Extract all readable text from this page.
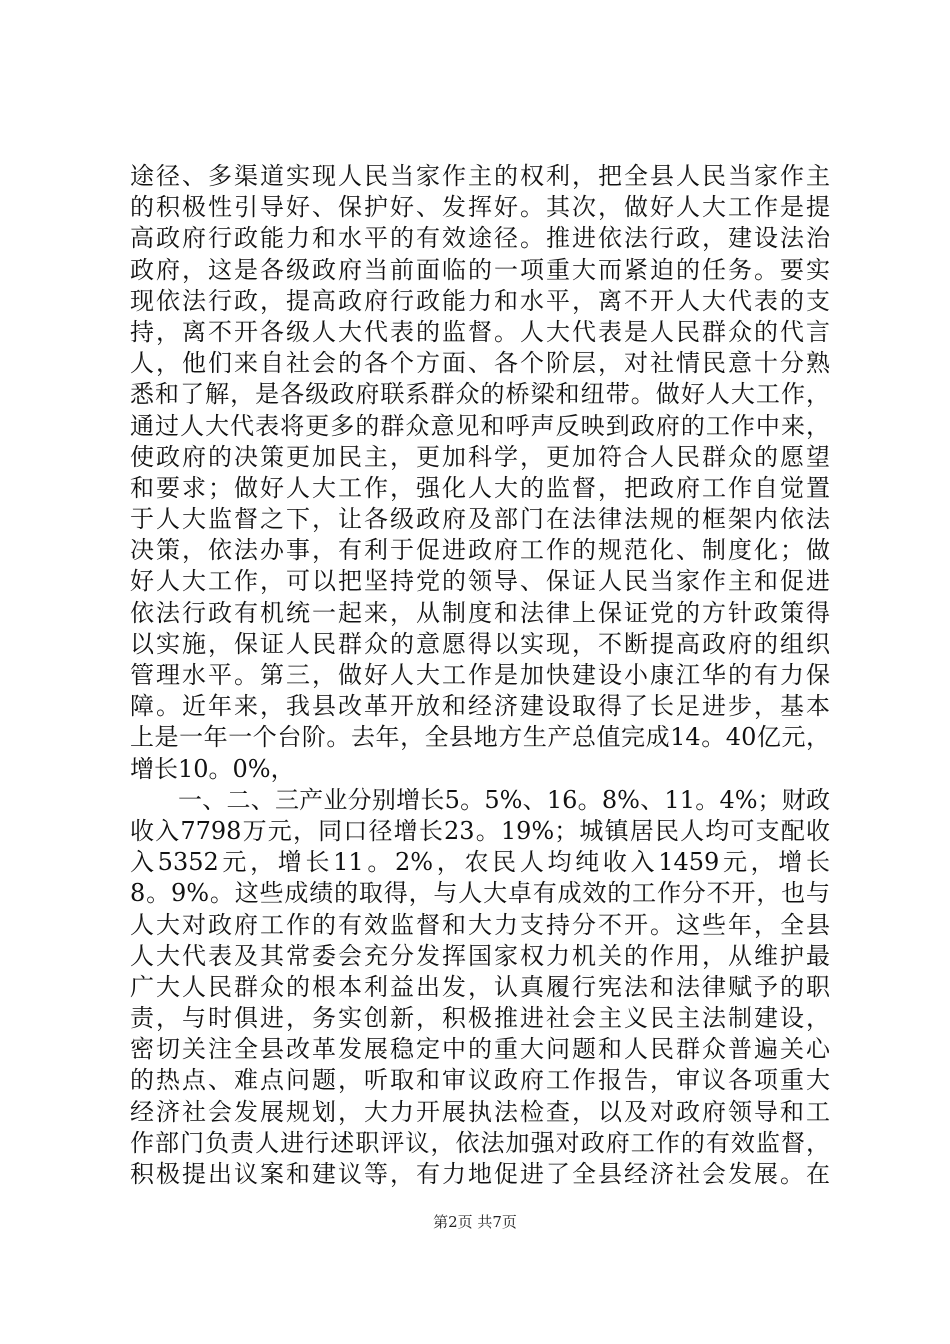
途径、多渠道实现人民当家作主的权利，把全县人民当家作主
的积极性引导好、保护好、发挥好。其次，做好人大工作是提
高政府行政能力和水平的有效途径。推进依法行政，建设法治
政府，这是各级政府当前面临的一项重大而紧迫的任务。要实
现依法行政，提高政府行政能力和水平，离不开人大代表的支
持，离不开各级人大代表的监督。人大代表是人民群众的代言
人，他们来自社会的各个方面、各个阶层，对社情民意十分熟
悉和了解，是各级政府联系群众的桥梁和纽带。做好人大工作，
通过人大代表将更多的群众意见和呼声反映到政府的工作中来，
使政府的决策更加民主，更加科学，更加符合人民群众的愿望
和要求；做好人大工作，强化人大的监督，把政府工作自觉置
于人大监督之下，让各级政府及部门在法律法规的框架内依法
决策，依法办事，有利于促进政府工作的规范化、制度化；做
好人大工作，可以把坚持党的领导、保证人民当家作主和促进
依法行政有机统一起来，从制度和法律上保证党的方针政策得
以实施，保证人民群众的意愿得以实现，不断提高政府的组织
管理水平。第三，做好人大工作是加快建设小康江华的有力保
障。近年来，我县改革开放和经济建设取得了长足进步，基本
上是一年一个台阶。去年，全县地方生产总值完成14。40亿元，
增长10。0%，
一、二、三产业分别增长5。5%、16。8%、11。4%；财政
收入7798万元，同口径增长23。19%；城镇居民人均可支配收
入5352元，增长11。2%，农民人均纯收入1459元，增长
8。9%。这些成绩的取得，与人大卓有成效的工作分不开，也与
人大对政府工作的有效监督和大力支持分不开。这些年，全县
人大代表及其常委会充分发挥国家权力机关的作用，从维护最
广大人民群众的根本利益出发，认真履行宪法和法律赋予的职
责，与时俱进，务实创新，积极推进社会主义民主法制建设，
密切关注全县改革发展稳定中的重大问题和人民群众普遍关心
的热点、难点问题，听取和审议政府工作报告，审议各项重大
经济社会发展规划，大力开展执法检查，以及对政府领导和工
作部门负责人进行述职评议，依法加强对政府工作的有效监督，
积极提出议案和建议等，有力地促进了全县经济社会发展。在
第2页 共7页
